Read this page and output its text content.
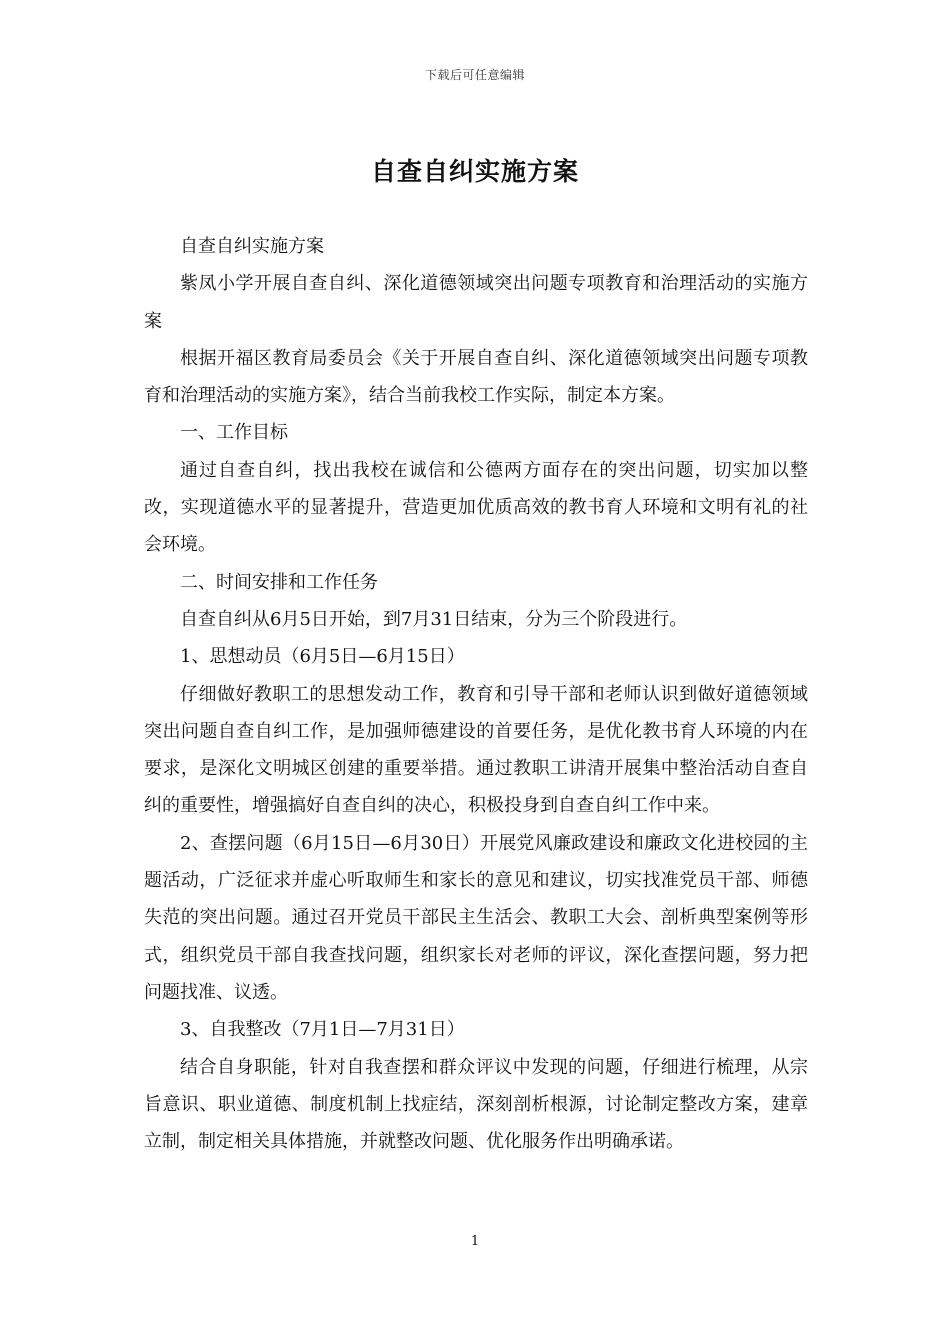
下载后可任意编辑
自查自纠实施方案

自查自纠实施方案

紫凤小学开展自查自纠、深化道德领域突出问题专项教育和治理活动的实施方案

根据开福区教育局委员会《关于开展自查自纠、深化道德领域突出问题专项教育和治理活动的实施方案》，结合当前我校工作实际，制定本方案。

一、工作目标

通过自查自纠，找出我校在诚信和公德两方面存在的突出问题，切实加以整改，实现道德水平的显著提升，营造更加优质高效的教书育人环境和文明有礼的社会环境。

二、时间安排和工作任务

自查自纠从6月5日开始，到7月31日结束，分为三个阶段进行。

1、思想动员（6月5日—6月15日）

仔细做好教职工的思想发动工作，教育和引导干部和老师认识到做好道德领域突出问题自查自纠工作，是加强师德建设的首要任务，是优化教书育人环境的内在要求，是深化文明城区创建的重要举措。通过教职工讲清开展集中整治活动自查自纠的重要性，增强搞好自查自纠的决心，积极投身到自查自纠工作中来。

2、查摆问题（6月15日—6月30日）开展党风廉政建设和廉政文化进校园的主题活动，广泛征求并虚心听取师生和家长的意见和建议，切实找准党员干部、师德失范的突出问题。通过召开党员干部民主生活会、教职工大会、剖析典型案例等形式，组织党员干部自我查找问题，组织家长对老师的评议，深化查摆问题，努力把问题找准、议透。

3、自我整改（7月1日—7月31日）

结合自身职能，针对自我查摆和群众评议中发现的问题，仔细进行梳理，从宗旨意识、职业道德、制度机制上找症结，深刻剖析根源，讨论制定整改方案，建章立制，制定相关具体措施，并就整改问题、优化服务作出明确承诺。

1
